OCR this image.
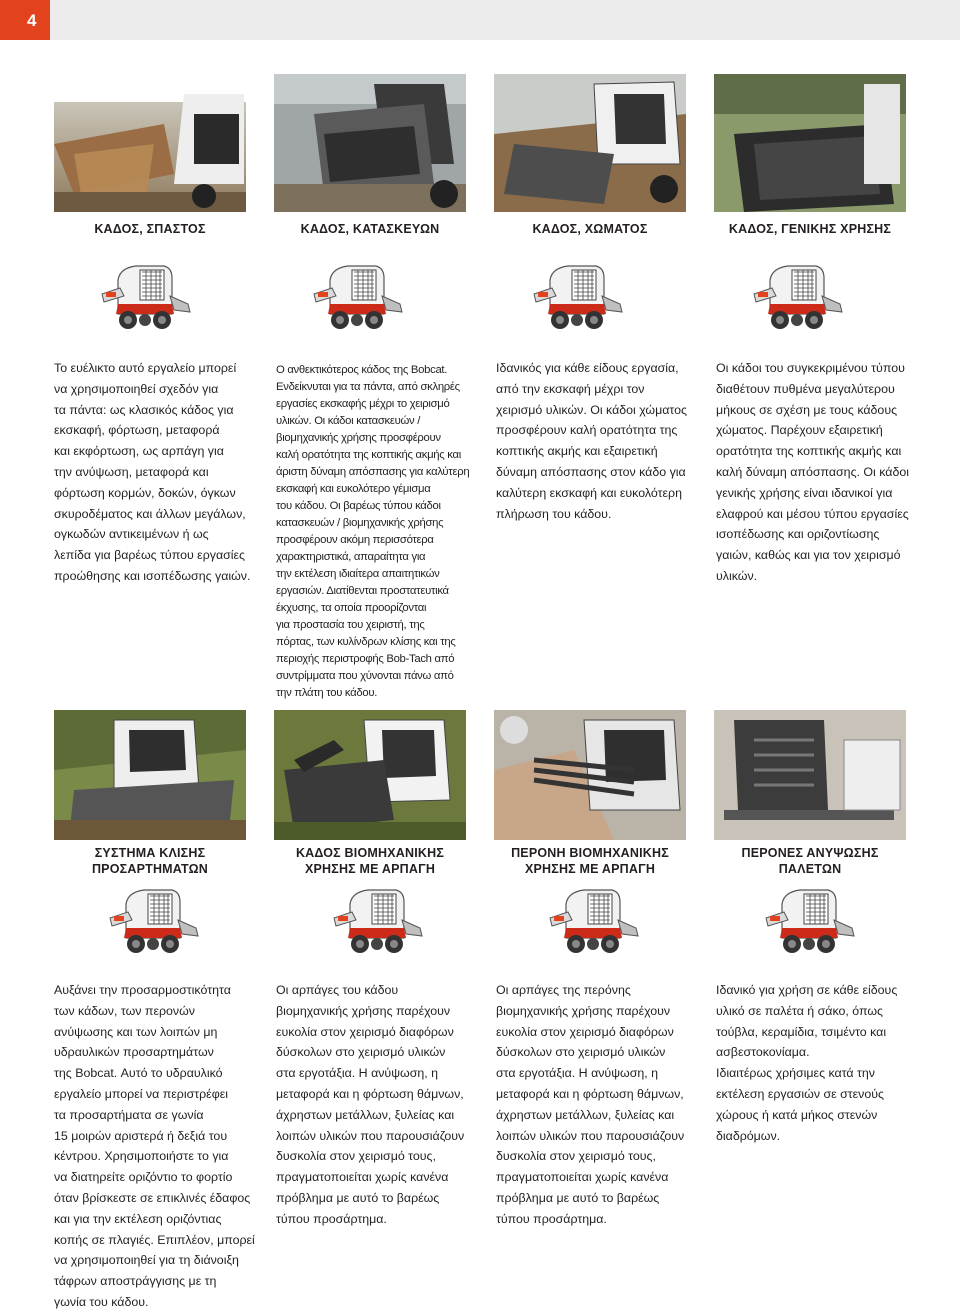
4
ΚΑΔΟΣ, ΣΠΑΣΤΟΣ	ΚΑΔΟΣ, ΚΑΤΑΣΚΕΥΩΝ	ΚΑΔΟΣ, ΧΩΜΑΤΟΣ	ΚΑΔΟΣ, ΓΕΝΙΚΗΣ ΧΡΗΣΗΣ

Το ευέλικτο αυτό εργαλείο μπορεί
να χρησιμοποιηθεί σχεδόν για
τα πάντα: ως κλασικός κάδος για
εκσκαφή, φόρτωση, μεταφορά
και εκφόρτωση, ως αρπάγη για
την ανύψωση, μεταφορά και
φόρτωση κορμών, δοκών, όγκων
σκυροδέματος και άλλων μεγάλων,
ογκωδών αντικειμένων ή ως
λεπίδα για βαρέως τύπου εργασίες
προώθησης και ισοπέδωσης γαιών.

Ο ανθεκτικότερος κάδος της Bobcat.
Ενδείκνυται για τα πάντα, από σκληρές
εργασίες εκσκαφής μέχρι το χειρισμό
υλικών. Οι κάδοι κατασκευών /
βιομηχανικής χρήσης προσφέρουν
καλή ορατότητα της κοπτικής ακμής και
άριστη δύναμη απόσπασης για καλύτερη
εκσκαφή και ευκολότερο γέμισμα
του κάδου. Οι βαρέως τύπου κάδοι
κατασκευών / βιομηχανικής χρήσης
προσφέρουν ακόμη περισσότερα
χαρακτηριστικά, απαραίτητα για
την εκτέλεση ιδιαίτερα απαιτητικών
εργασιών. Διατίθενται προστατευτικά
έκχυσης, τα οποία προορίζονται
για προστασία του χειριστή, της
πόρτας, των κυλίνδρων κλίσης και της
περιοχής περιστροφής Bob-Tach από
συντρίμματα που χύνονται πάνω από
την πλάτη του κάδου.

Ιδανικός για κάθε είδους εργασία,
από την εκσκαφή μέχρι τον
χειρισμό υλικών. Οι κάδοι χώματος
προσφέρουν καλή ορατότητα της
κοπτικής ακμής και εξαιρετική
δύναμη απόσπασης στον κάδο για
καλύτερη εκσκαφή και ευκολότερη
πλήρωση του κάδου.

Οι κάδοι του συγκεκριμένου τύπου
διαθέτουν πυθμένα μεγαλύτερου
μήκους σε σχέση με τους κάδους
χώματος. Παρέχουν εξαιρετική
ορατότητα της κοπτικής ακμής και
καλή δύναμη απόσπασης. Οι κάδοι
γενικής χρήσης είναι ιδανικοί για
ελαφρού και μέσου τύπου εργασίες
ισοπέδωσης και οριζοντίωσης
γαιών, καθώς και για τον χειρισμό
υλικών.

ΣΥΣΤΗΜΑ ΚΛΙΣΗΣ
ΠΡΟΣΑΡΤΗΜΑΤΩΝ
ΚΑΔΟΣ ΒΙΟΜΗΧΑΝΙΚΗΣ
ΧΡΗΣΗΣ ΜΕ ΑΡΠΑΓΗ
ΠΕΡΟΝΗ ΒΙΟΜΗΧΑΝΙΚΗΣ
ΧΡΗΣΗΣ ΜΕ ΑΡΠΑΓΗ
ΠΕΡΟΝΕΣ ΑΝΥΨΩΣΗΣ
ΠΑΛΕΤΩΝ

Αυξάνει την προσαρμοστικότητα
των κάδων, των περονών
ανύψωσης και των λοιπών μη
υδραυλικών προσαρτημάτων
της Bobcat. Αυτό το υδραυλικό
εργαλείο μπορεί να περιστρέφει
τα προσαρτήματα σε γωνία
15 μοιρών αριστερά ή δεξιά του
κέντρου. Χρησιμοποιήστε το για
να διατηρείτε οριζόντιο το φορτίο
όταν βρίσκεστε σε επικλινές έδαφος
και για την εκτέλεση οριζόντιας
κοπής σε πλαγιές. Επιπλέον, μπορεί
να χρησιμοποιηθεί για τη διάνοιξη
τάφρων αποστράγγισης με τη
γωνία του κάδου.

Οι αρπάγες του κάδου
βιομηχανικής χρήσης παρέχουν
ευκολία στον χειρισμό διαφόρων
δύσκολων στο χειρισμό υλικών
στα εργοτάξια. Η ανύψωση, η
μεταφορά και η φόρτωση θάμνων,
άχρηστων μετάλλων, ξυλείας και
λοιπών υλικών που παρουσιάζουν
δυσκολία στον χειρισμό τους,
πραγματοποιείται χωρίς κανένα
πρόβλημα με αυτό το βαρέως
τύπου προσάρτημα.

Οι αρπάγες της περόνης
βιομηχανικής χρήσης παρέχουν
ευκολία στον χειρισμό διαφόρων
δύσκολων στο χειρισμό υλικών
στα εργοτάξια. Η ανύψωση, η
μεταφορά και η φόρτωση θάμνων,
άχρηστων μετάλλων, ξυλείας και
λοιπών υλικών που παρουσιάζουν
δυσκολία στον χειρισμό τους,
πραγματοποιείται χωρίς κανένα
πρόβλημα με αυτό το βαρέως
τύπου προσάρτημα.

Ιδανικό για χρήση σε κάθε είδους
υλικό σε παλέτα ή σάκο, όπως
τούβλα, κεραμίδια, τσιμέντο και
ασβεστοκονίαμα.
Ιδιαιτέρως χρήσιμες κατά την
εκτέλεση εργασιών σε στενούς
χώρους ή κατά μήκος στενών
διαδρόμων.
